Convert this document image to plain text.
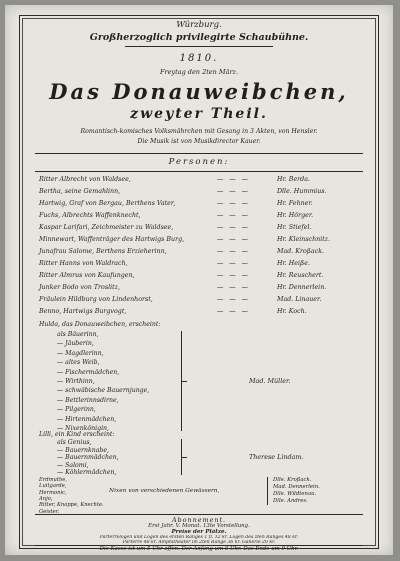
Würzburg.
Großherzoglich privilegirte Schaubühne.
1810.
Freytag den 2ten März.
Das Donauweibchen,
zweyter Theil.
Romantisch-komisches Volksmährchen mit Gesang in 3 Akten, von Hensler.
Die Musik ist von Musikdirector Kauer.
Personen:
Ritter Albrecht von Waldsee,	— — —	Hr. Berda.
Bertha, seine Gemahlinn,	— — —	Dlle. Hummius.
Hartwig, Graf von Bergau, Berthens Vater,	— — —	Hr. Fehner.
Fuchs, Albrechts Waffenknecht,	— — —	Hr. Hörger.
Kaspar Larifari, Zeichmeister zu Waldsee,	— — —	Hr. Stiefel.
Minnewart, Waffenträger des Hartwigs Burg,	— — —	Hr. Kleinschnitz.
Junafrau Salome, Berthens Erzieherinn,	— — —	Mad. Kroßack.
Ritter Hanns von Waldrach,	— — —	Hr. Heiße.
Ritter Almrus von Kaufungen,	— — —	Hr. Reuschert.
Junker Bodo von Troslitz,	— — —	Hr. Dennerlein.
Fräulein Hildburg von Lindenhorst,	— — —	Mad. Linauer.
Benno, Hartwigs Burgvogt,	— — —	Hr. Koch.
Hulda, das Donauweibchen, erscheint:
als Bäuerinn,
— Jäuberin,
— Magdlerinn,
— altes Weib,
— Fischermädchen,
— Wirthinn,
— schwäbische Bauernjunge,
— Bettlerinnsdirne,
— Pilgerinn,
— Hirtenmädchen,
— Nixenkönigin,
Mad. Müller.
Lilli, ein Kind erscheint:
als Genius,
— Bauernknabe,
— Bauernmädchen,
— Salomi,
— Köhlermädchen,
Therese Lindam.
Erdmuthe,
Luitgarde,
Hermonic,
Anjo,
Ritter, Knappe, Knechte.
Geister.
Nixen von verschiedenen Gewässern,
Dlle. Kroßack.
Mad. Dennerlein.
Dlle. Wildtenau.
Dlle. Andres.
Abonnement.
Erst Jahr. V. Monat. 13te Vorstellung.
Preise der Plätze.
Parterrelogen und Logen des ersten Ranges 1 fl. 12 kr. Logen des zten Ranges 48 kr.
Parterre 48 kr. Amphitheater im 2ten Range 36 kr. Gallerie 20 kr.
Die Kasse ist um 5 Uhr offen. Der Anfang um 6 Uhr. Das Ende um 9 Uhr.
